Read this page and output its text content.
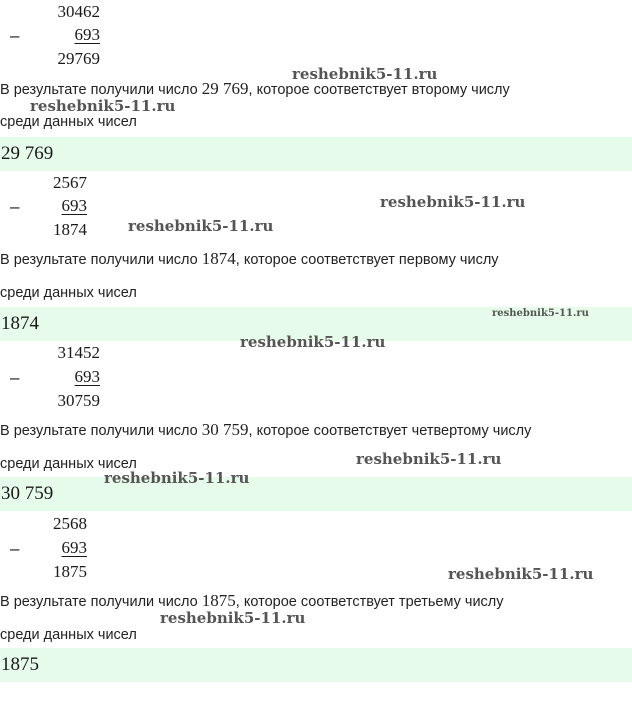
30462
–	693
29769
В результате получили число 29 769, которое соответствует второму числу
среди данных чисел
29 769
2567
–	693
1874
В результате получили число 1874, которое соответствует первому числу
среди данных чисел
1874
31452
–	693
30759
В результате получили число 30 759, которое соответствует четвертому числу
среди данных чисел
30 759
2568
–	693
1875
В результате получили число 1875, которое соответствует третьему числу
среди данных чисел
1875
reshebnik5-11.ru
reshebnik5-11.ru
reshebnik5-11.ru
reshebnik5-11.ru
reshebnik5-11.ru
reshebnik5-11.ru
reshebnik5-11.ru
reshebnik5-11.ru
reshebnik5-11.ru
reshebnik5-11.ru
